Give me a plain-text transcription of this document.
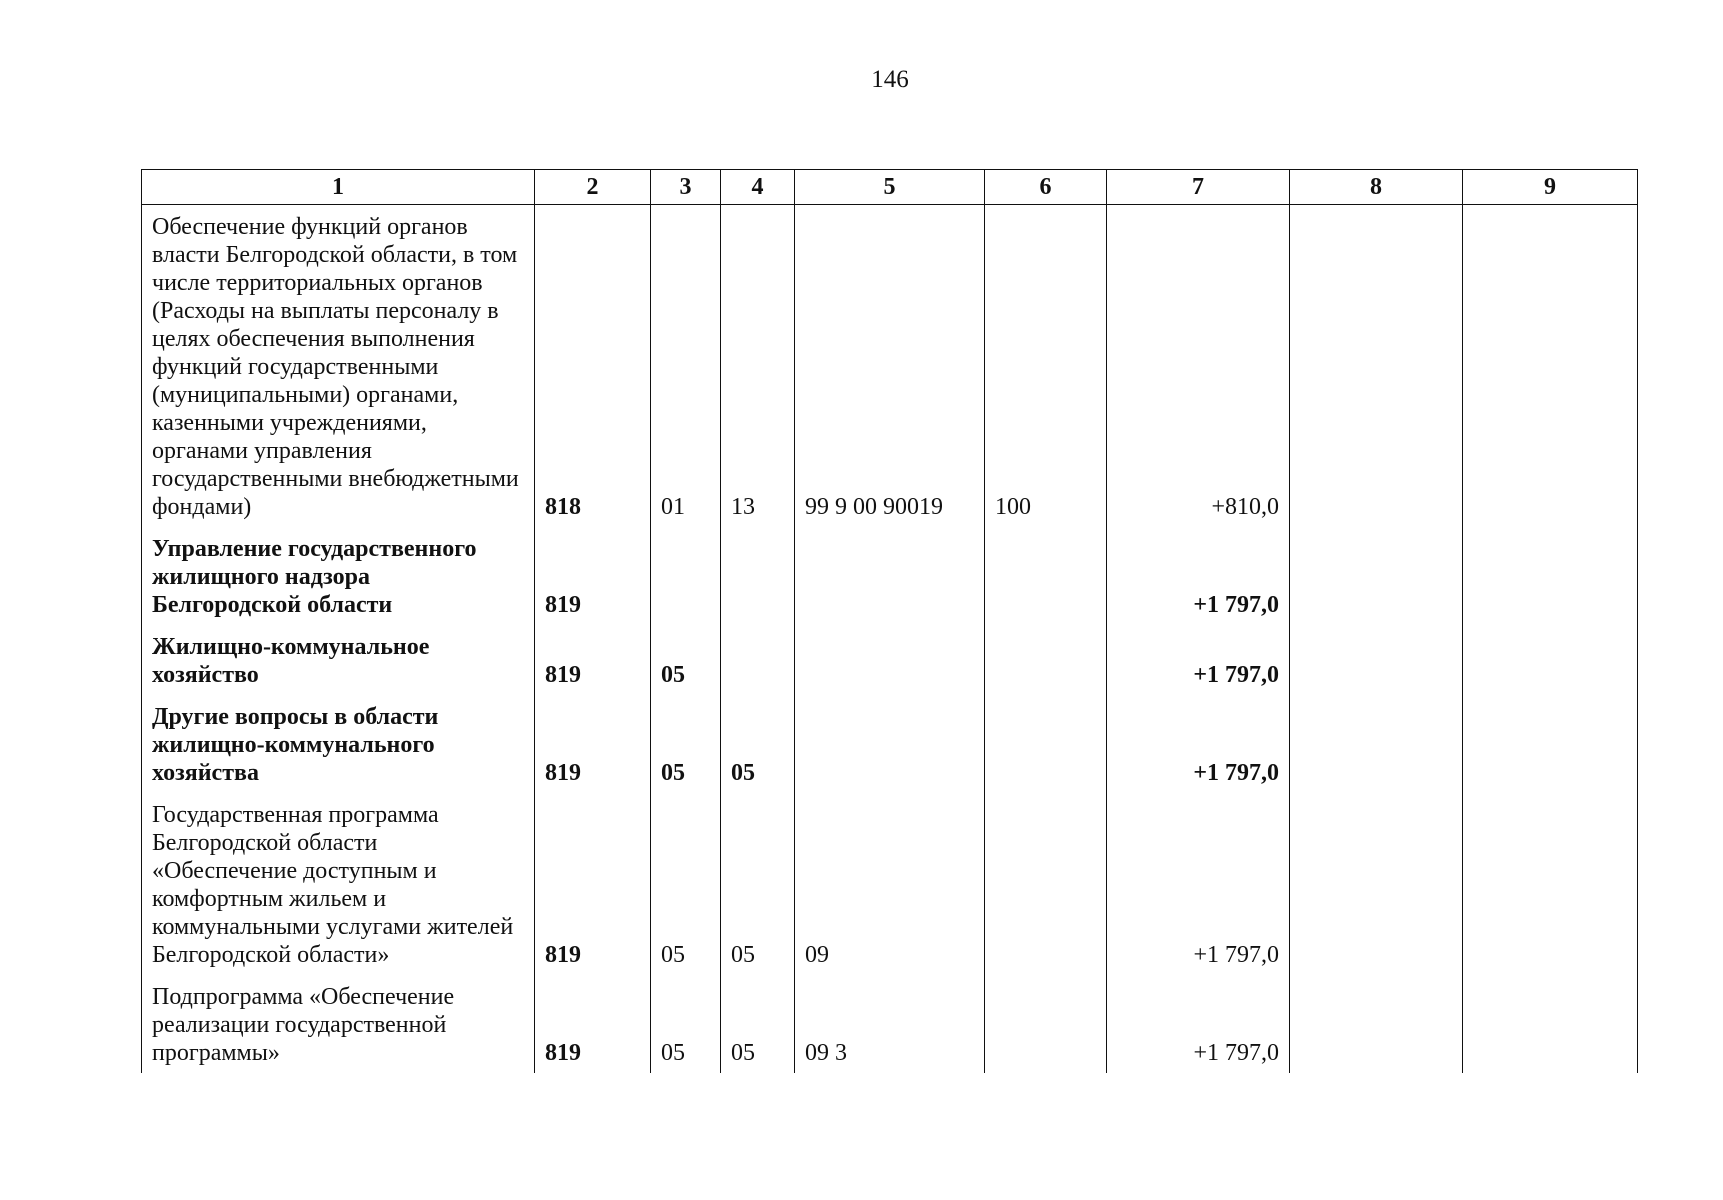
146
1	2	3	4	5	6	7	8	9
Обеспечение функций органов власти Белгородской области, в том числе территориальных органов (Расходы на выплаты персоналу в целях обеспечения выполнения функций государственными (муниципальными) органами, казенными учреждениями, органами управления государственными внебюджетными фондами)	818	01	13	99 9 00 90019	100	+810,0		
Управление государственного жилищного надзора Белгородской области	819					+1 797,0		
Жилищно-коммунальное хозяйство	819	05				+1 797,0		
Другие вопросы в области жилищно-коммунального хозяйства	819	05	05			+1 797,0		
Государственная программа Белгородской области «Обеспечение доступным и комфортным жильем и коммунальными услугами жителей Белгородской области»	819	05	05	09		+1 797,0		
Подпрограмма «Обеспечение реализации государственной программы»	819	05	05	09 3		+1 797,0		
